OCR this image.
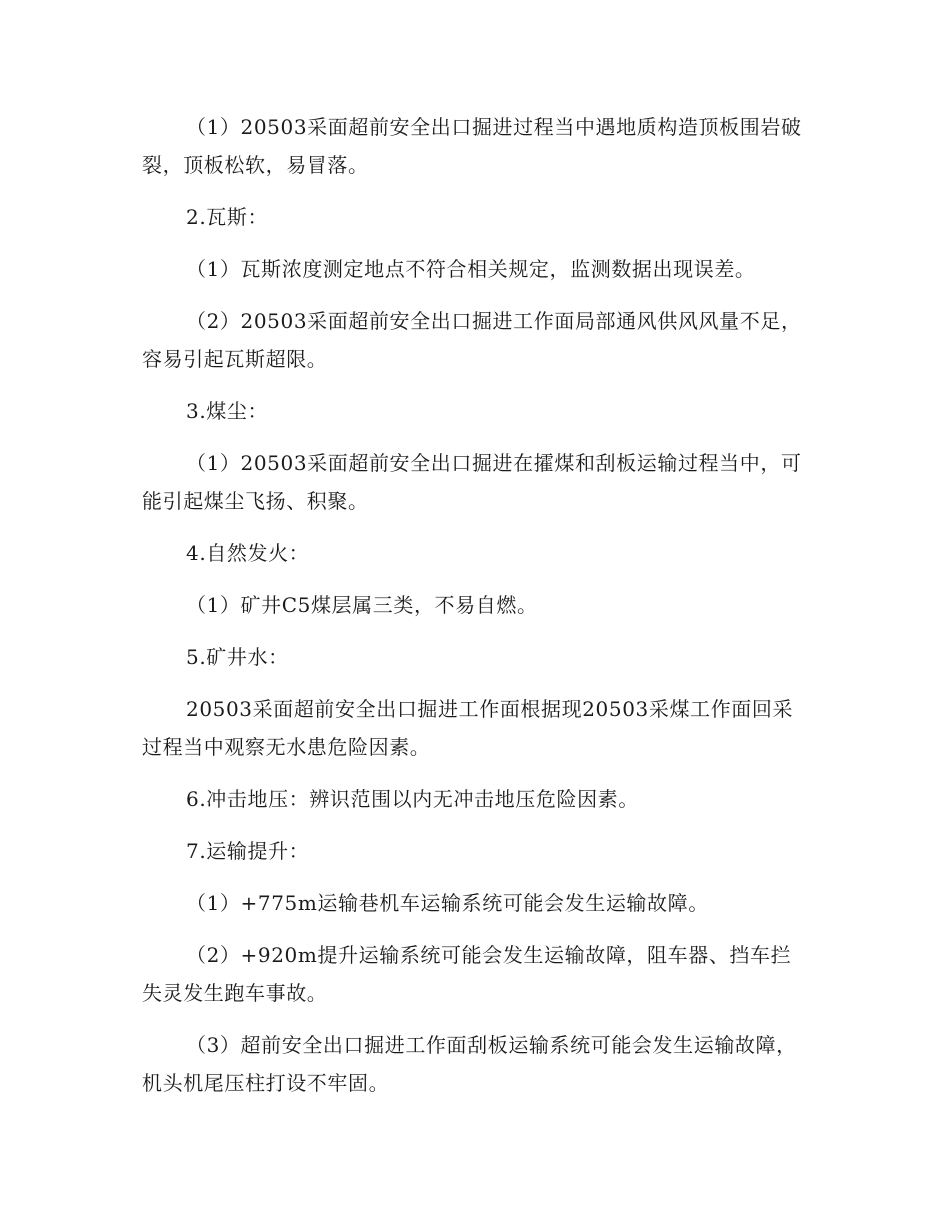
（1）20503采面超前安全出口掘进过程当中遇地质构造顶板围岩破裂，顶板松软，易冒落。

2.瓦斯：

（1）瓦斯浓度测定地点不符合相关规定，监测数据出现误差。

（2）20503采面超前安全出口掘进工作面局部通风供风风量不足，容易引起瓦斯超限。

3.煤尘：

（1）20503采面超前安全出口掘进在攉煤和刮板运输过程当中，可能引起煤尘飞扬、积聚。

4.自然发火：

（1）矿井C5煤层属三类，不易自燃。

5.矿井水：

20503采面超前安全出口掘进工作面根据现20503采煤工作面回采过程当中观察无水患危险因素。

6.冲击地压：辨识范围以内无冲击地压危险因素。

7.运输提升：

（1）+775m运输巷机车运输系统可能会发生运输故障。

（2）+920m提升运输系统可能会发生运输故障，阻车器、挡车拦失灵发生跑车事故。

（3）超前安全出口掘进工作面刮板运输系统可能会发生运输故障，机头机尾压柱打设不牢固。
